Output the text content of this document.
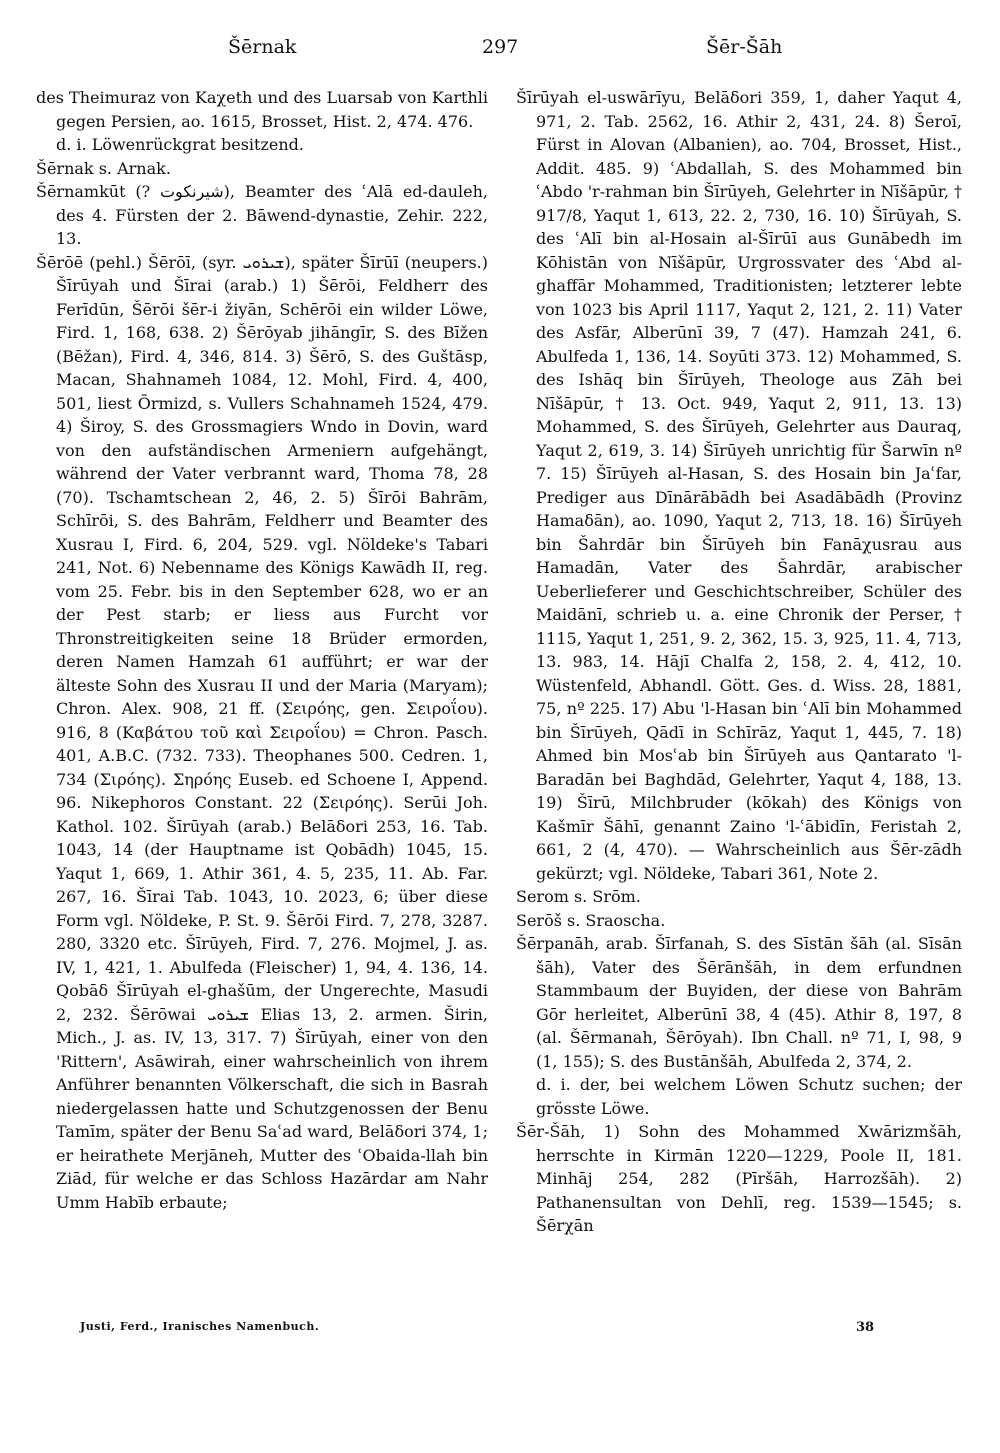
Šērnak	297	Šēr-Šāh

des Theimuraz von Kaχeth und des Luarsab von Karthli gegen Persien, ao. 1615, Brosset, Hist. 2, 474. 476.

d. i. Löwenrückgrat besitzend.

Šērnak s. Arnak.

Šērnamkūt (? شیرنکوت), Beamter des ʿAlā ed-dauleh, des 4. Fürsten der 2. Bāwend-dynastie, Zehir. 222, 13.

Šērōē (pehl.) Šērōī, (syr. ܫܝܪܘܝ), später Šīrūī (neupers.) Šīrūyah und Šīrai (arab.) 1) Šērōi, Feldherr des Ferīdūn, Šērōi šēr-i žiyān, Schērōi ein wilder Löwe, Fird. 1, 168, 638. 2) Šērōyab jihāngīr, S. des Bīžen (Bēžan), Fird. 4, 346, 814. 3) Šērō, S. des Guštāsp, Macan, Shahnameh 1084, 12. Mohl, Fird. 4, 400, 501, liest Ōrmizd, s. Vullers Schahnameh 1524, 479. 4) Široy, S. des Grossmagiers Wndo in Dovin, ward von den aufständischen Armeniern aufgehängt, während der Vater verbrannt ward, Thoma 78, 28 (70). Tschamtschean 2, 46, 2. 5) Šīrōi Bahrām, Schīrōi, S. des Bahrām, Feldherr und Beamter des Xusrau I, Fird. 6, 204, 529. vgl. Nöldeke's Tabari 241, Not. 6) Nebenname des Königs Kawādh II, reg. vom 25. Febr. bis in den September 628, wo er an der Pest starb; er liess aus Furcht vor Thronstreitigkeiten seine 18 Brüder ermorden, deren Namen Hamzah 61 aufführt; er war der älteste Sohn des Xusrau II und der Maria (Maryam); Chron. Alex. 908, 21 ff. (Σειρόης, gen. Σειροΐου). 916, 8 (Καβάτου τοῦ καὶ Σειροΐου) = Chron. Pasch. 401, A.B.C. (732. 733). Theophanes 500. Cedren. 1, 734 (Σιρόης). Σηρόης Euseb. ed Schoene I, Append. 96. Nikephoros Constant. 22 (Σειρόης). Serūi Joh. Kathol. 102. Šīrūyah (arab.) Belāδori 253, 16. Tab. 1043, 14 (der Hauptname ist Qobādh) 1045, 15. Yaqut 1, 669, 1. Athir 361, 4. 5, 235, 11. Ab. Far. 267, 16. Šīrai Tab. 1043, 10. 2023, 6; über diese Form vgl. Nöldeke, P. St. 9. Šērōi Fird. 7, 278, 3287. 280, 3320 etc. Šīrūyeh, Fird. 7, 276. Mojmel, J. as. IV, 1, 421, 1. Abulfeda (Fleischer) 1, 94, 4. 136, 14. Qobāδ Šīrūyah el-ghašūm, der Ungerechte, Masudi 2, 232. Šērōwai ܫܝܪܘܝ Elias 13, 2. armen. Širin, Mich., J. as. IV, 13, 317. 7) Šīrūyah, einer von den 'Rittern', Asāwirah, einer wahrscheinlich von ihrem Anführer benannten Völkerschaft, die sich in Basrah niedergelassen hatte und Schutzgenossen der Benu Tamīm, später der Benu Saʿad ward, Belāδori 374, 1; er heirathete Merjāneh, Mutter des ʿObaida-llah bin Ziād, für welche er das Schloss Hazārdar am Nahr Umm Habīb erbaute;

Šīrūyah el-uswārīyu, Belāδori 359, 1, daher Yaqut 4, 971, 2. Tab. 2562, 16. Athir 2, 431, 24. 8) Šeroī, Fürst in Alovan (Albanien), ao. 704, Brosset, Hist., Addit. 485. 9) ʿAbdallah, S. des Mohammed bin ʿAbdo 'r-rahman bin Šīrūyeh, Gelehrter in Nīšāpūr, † 917/8, Yaqut 1, 613, 22. 2, 730, 16. 10) Šīrūyah, S. des ʿAlī bin al-Hosain al-Šīrūī aus Gunābedh im Kōhistān von Nīšāpūr, Urgrossvater des ʿAbd al-ghaffār Mohammed, Traditionisten; letzterer lebte von 1023 bis April 1117, Yaqut 2, 121, 2. 11) Vater des Asfār, Alberūnī 39, 7 (47). Hamzah 241, 6. Abulfeda 1, 136, 14. Soyūti 373. 12) Mohammed, S. des Ishāq bin Šīrūyeh, Theologe aus Zāh bei Nīšāpūr, † 13. Oct. 949, Yaqut 2, 911, 13. 13) Mohammed, S. des Šīrūyeh, Gelehrter aus Dauraq, Yaqut 2, 619, 3. 14) Šīrūyeh unrichtig für Šarwīn nº 7. 15) Šīrūyeh al-Hasan, S. des Hosain bin Jaʿfar, Prediger aus Dīnārābādh bei Asadābādh (Provinz Hamaδān), ao. 1090, Yaqut 2, 713, 18. 16) Šīrūyeh bin Šahrdār bin Šīrūyeh bin Fanāχusrau aus Hamadān, Vater des Šahrdār, arabischer Ueberlieferer und Geschichtschreiber, Schüler des Maidānī, schrieb u. a. eine Chronik der Perser, † 1115, Yaqut 1, 251, 9. 2, 362, 15. 3, 925, 11. 4, 713, 13. 983, 14. Hājī Chalfa 2, 158, 2. 4, 412, 10. Wüstenfeld, Abhandl. Gött. Ges. d. Wiss. 28, 1881, 75, nº 225. 17) Abu 'l-Hasan bin ʿAlī bin Mohammed bin Šīrūyeh, Qādī in Schīrāz, Yaqut 1, 445, 7. 18) Ahmed bin Mosʿab bin Šīrūyeh aus Qantarato 'l-Baradān bei Baghdād, Gelehrter, Yaqut 4, 188, 13. 19) Šīrū, Milchbruder (kōkah) des Königs von Kašmīr Šāhī, genannt Zaino 'l-ʿābidīn, Feristah 2, 661, 2 (4, 470). — Wahrscheinlich aus Šēr-zādh gekürzt; vgl. Nöldeke, Tabari 361, Note 2.

Serom s. Srōm.

Serōš s. Sraoscha.

Šērpanāh, arab. Šīrfanah, S. des Sīstān šāh (al. Sīsān šāh), Vater des Šērānšāh, in dem erfundnen Stammbaum der Buyiden, der diese von Bahrām Gōr herleitet, Alberūnī 38, 4 (45). Athir 8, 197, 8 (al. Šērmanah, Šērōyah). Ibn Chall. nº 71, I, 98, 9 (1, 155); S. des Bustānšāh, Abulfeda 2, 374, 2.

d. i. der, bei welchem Löwen Schutz suchen; der grösste Löwe.

Šēr-Šāh, 1) Sohn des Mohammed Xwārizmšāh, herrschte in Kirmān 1220—1229, Poole II, 181. Minhāj 254, 282 (Pīršāh, Harrozšāh). 2) Pathanensultan von Dehlī, reg. 1539—1545; s. Šērχān

Justi, Ferd., Iranisches Namenbuch.	38
